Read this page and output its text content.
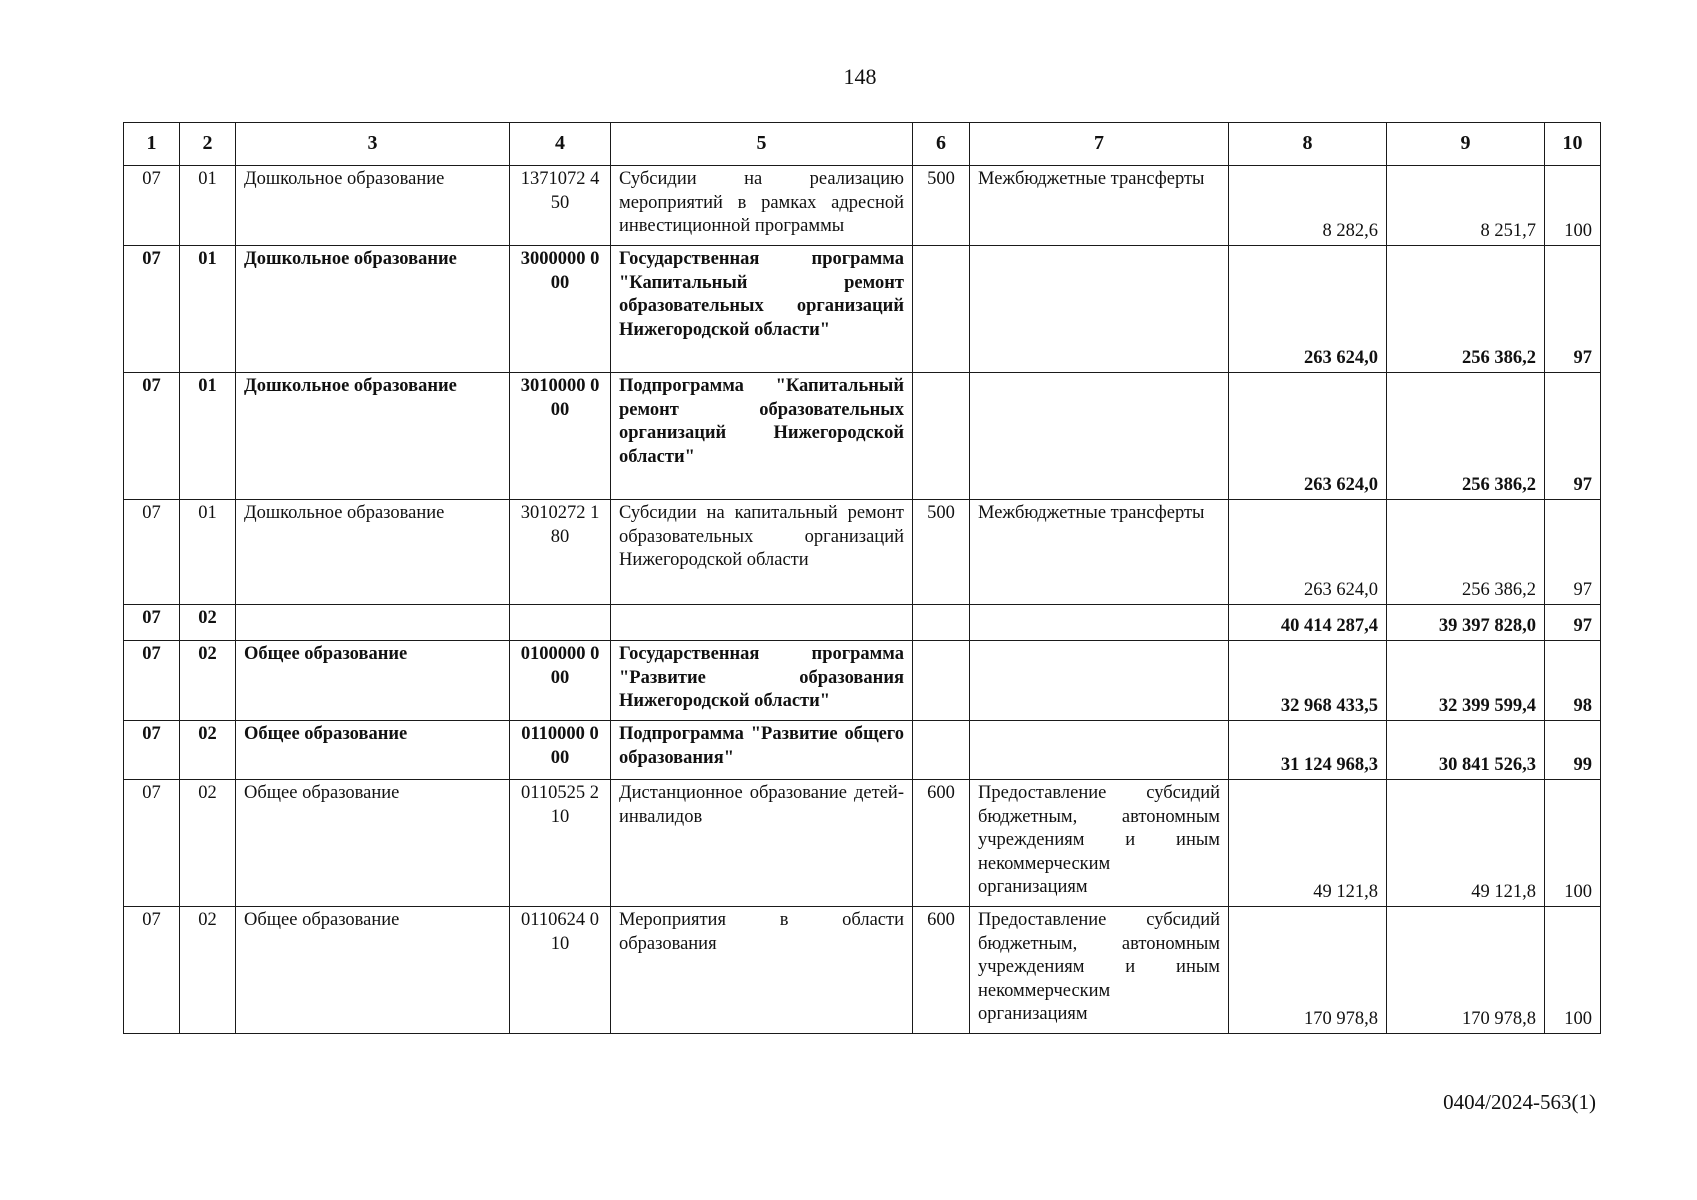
148
1	2	3	4	5	6	7	8	9	10
07	01	Дошкольное образование	1371072 450	Субсидии на реализацию мероприятий в рамках адресной инвестиционной программы	500	Межбюджетные трансферты	8 282,6	8 251,7	100
07	01	Дошкольное образование	3000000 000	Государственная программа "Капитальный ремонт образовательных организаций Нижегородской области"			263 624,0	256 386,2	97
07	01	Дошкольное образование	3010000 000	Подпрограмма "Капитальный ремонт образовательных организаций Нижегородской области"			263 624,0	256 386,2	97
07	01	Дошкольное образование	3010272 180	Субсидии на капитальный ремонт образовательных организаций Нижегородской области	500	Межбюджетные трансферты	263 624,0	256 386,2	97
07	02						40 414 287,4	39 397 828,0	97
07	02	Общее образование	0100000 000	Государственная программа "Развитие образования Нижегородской области"			32 968 433,5	32 399 599,4	98
07	02	Общее образование	0110000 000	Подпрограмма "Развитие общего образования"			31 124 968,3	30 841 526,3	99
07	02	Общее образование	0110525 210	Дистанционное образование детей-инвалидов	600	Предоставление субсидий бюджетным, автономным учреждениям и иным некоммерческим организациям	49 121,8	49 121,8	100
07	02	Общее образование	0110624 010	Мероприятия в области образования	600	Предоставление субсидий бюджетным, автономным учреждениям и иным некоммерческим организациям	170 978,8	170 978,8	100
0404/2024-563(1)
